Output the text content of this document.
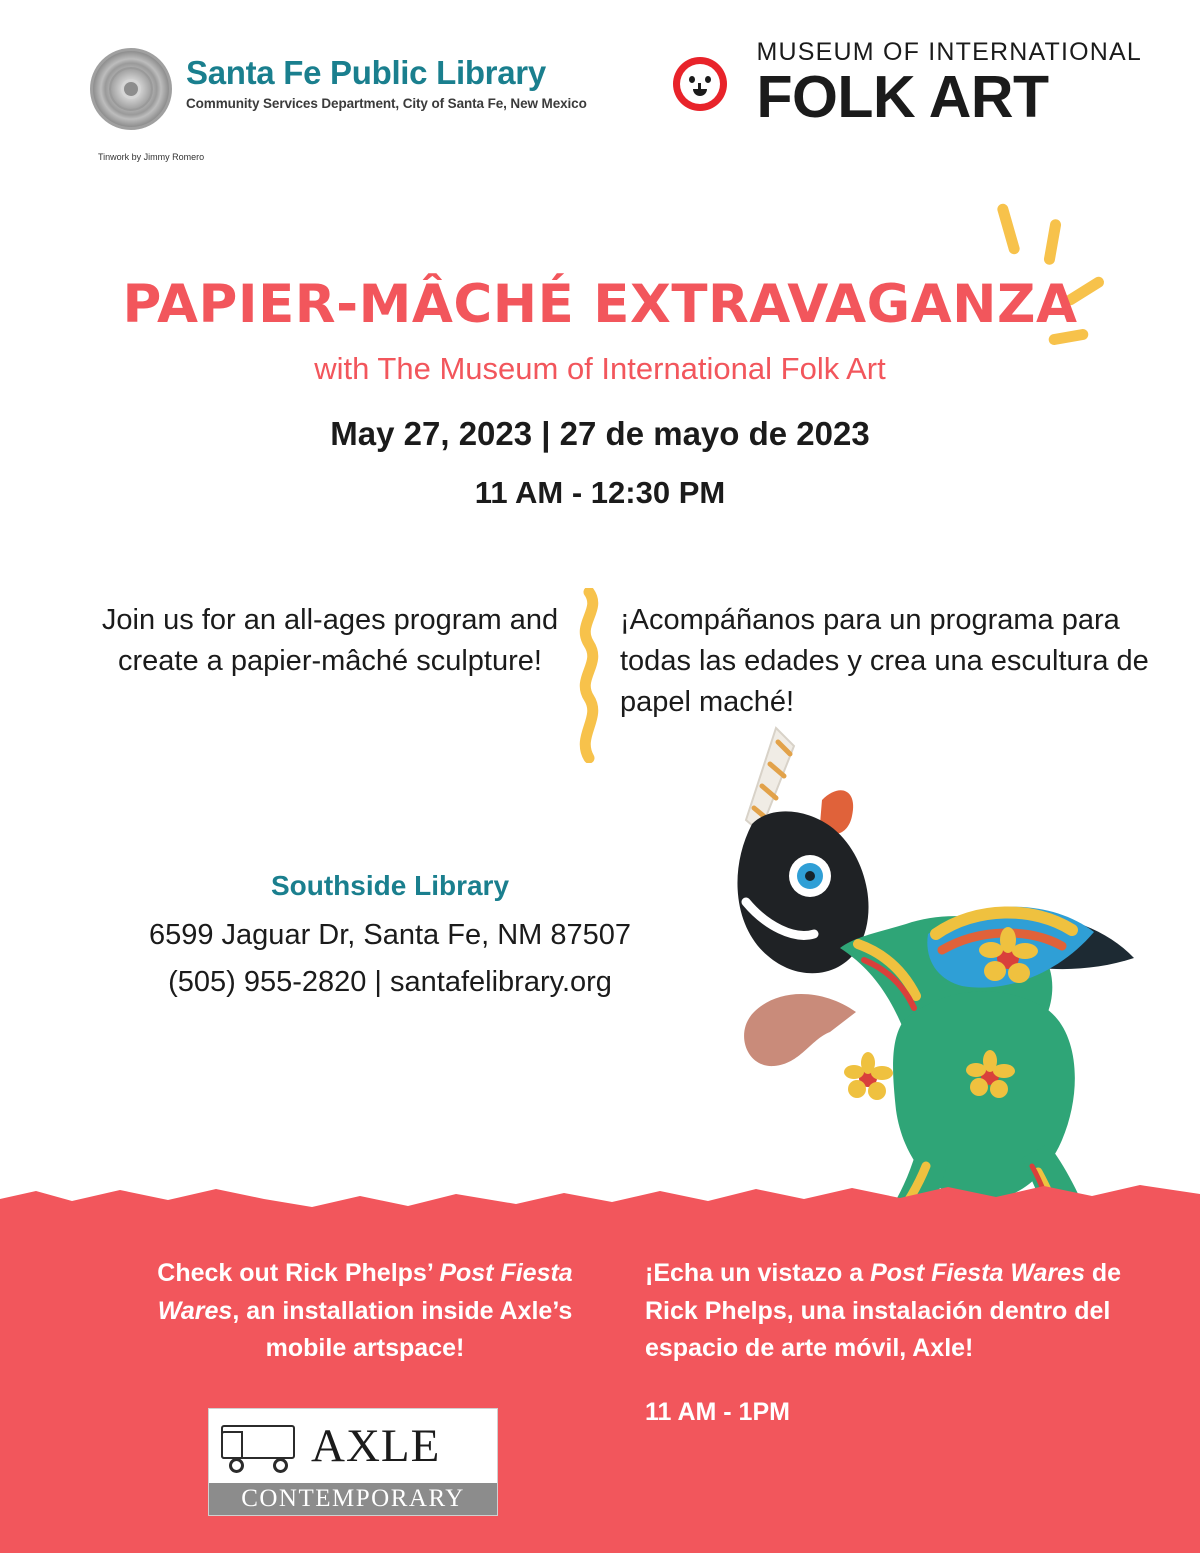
Santa Fe Public Library
Community Services Department, City of Santa Fe, New Mexico
Tinwork by Jimmy Romero
MUSEUM OF INTERNATIONAL
FOLK ART
PAPIER-MÂCHÉ EXTRAVAGANZA
with The Museum of International Folk Art
May 27, 2023 | 27 de mayo de 2023
11 AM - 12:30 PM
Join us for an all-ages program and create a papier-mâché sculpture!
¡Acompáñanos para un programa para todas las edades y crea una escultura de papel maché!
Southside Library
6599 Jaguar Dr, Santa Fe, NM 87507
(505) 955-2820 | santafelibrary.org
Check out Rick Phelps’ Post Fiesta Wares, an installation inside Axle’s mobile artspace!
¡Echa un vistazo a Post Fiesta Wares de Rick Phelps, una instalación dentro del espacio de arte móvil, Axle!
11 AM - 1PM
AXLE
CONTEMPORARY
